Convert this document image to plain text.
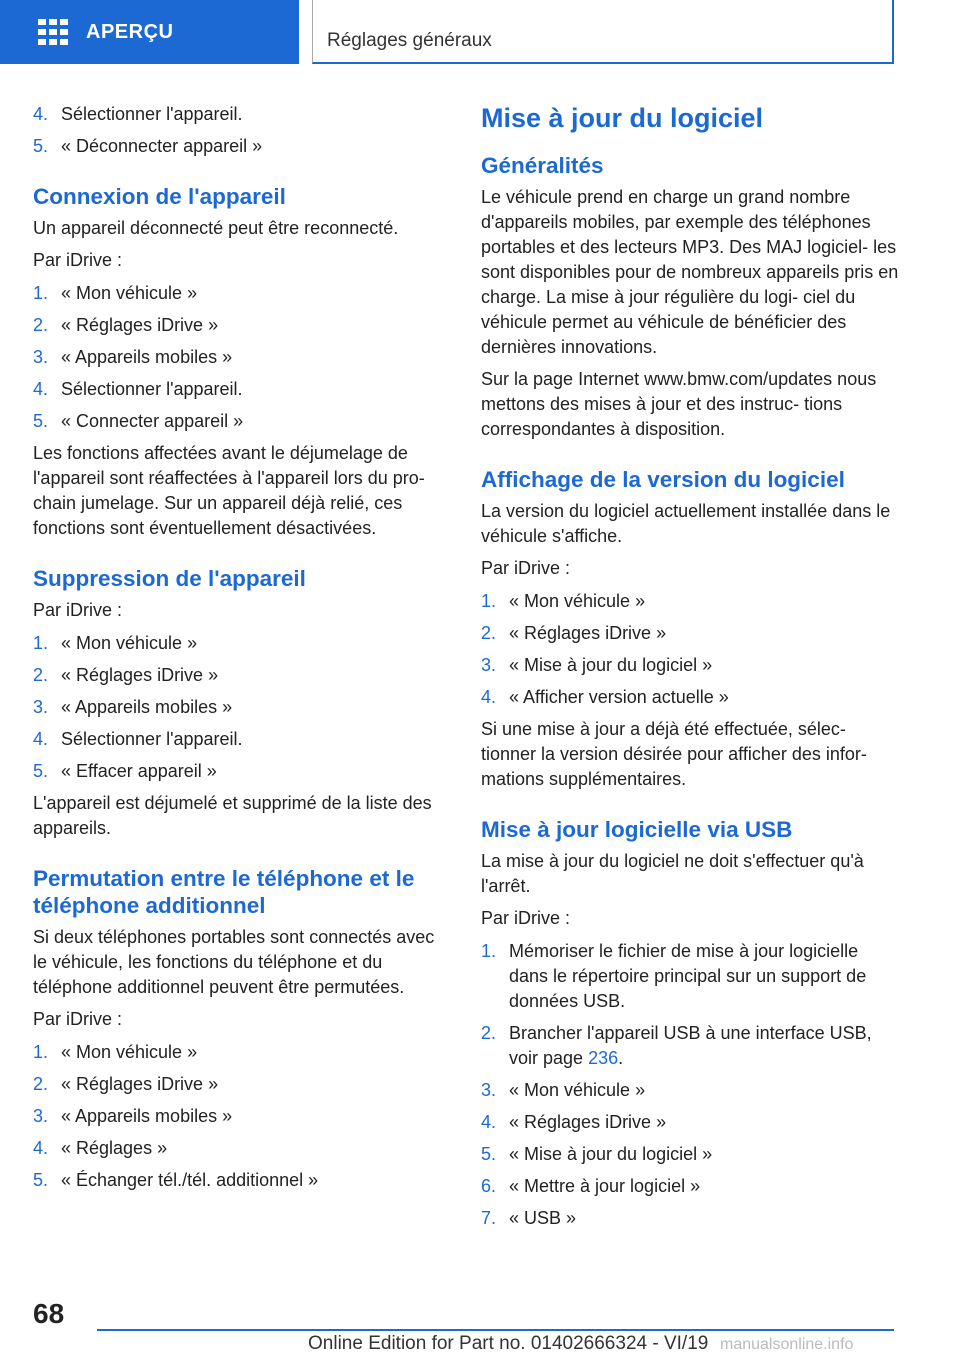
APERÇU	Réglages généraux
4. Sélectionner l'appareil.
5. « Déconnecter appareil »
Connexion de l'appareil

Un appareil déconnecté peut être reconnecté.

Par iDrive :

1. « Mon véhicule »
2. « Réglages iDrive »
3. « Appareils mobiles »
4. Sélectionner l'appareil.
5. « Connecter appareil »

Les fonctions affectées avant le déjumelage de l'appareil sont réaffectées à l'appareil lors du pro‐ chain jumelage. Sur un appareil déjà relié, ces fonctions sont éventuellement désactivées.

Suppression de l'appareil

Par iDrive :

1. « Mon véhicule »
2. « Réglages iDrive »
3. « Appareils mobiles »
4. Sélectionner l'appareil.
5. « Effacer appareil »

L'appareil est déjumelé et supprimé de la liste des appareils.

Permutation entre le téléphone et le téléphone additionnel

Si deux téléphones portables sont connectés avec le véhicule, les fonctions du téléphone et du téléphone additionnel peuvent être permutées.

Par iDrive :

1. « Mon véhicule »
2. « Réglages iDrive »
3. « Appareils mobiles »
4. « Réglages »
5. « Échanger tél./tél. additionnel »
Mise à jour du logiciel
Généralités

Le véhicule prend en charge un grand nombre d'appareils mobiles, par exemple des téléphones portables et des lecteurs MP3. Des MAJ logiciel‐ les sont disponibles pour de nombreux appareils pris en charge. La mise à jour régulière du logi‐ ciel du véhicule permet au véhicule de bénéficier des dernières innovations.

Sur la page Internet www.bmw.com/updates nous mettons des mises à jour et des instruc‐ tions correspondantes à disposition.

Affichage de la version du logiciel

La version du logiciel actuellement installée dans le véhicule s'affiche.

Par iDrive :

1. « Mon véhicule »
2. « Réglages iDrive »
3. « Mise à jour du logiciel »
4. « Afficher version actuelle »

Si une mise à jour a déjà été effectuée, sélec‐ tionner la version désirée pour afficher des infor‐ mations supplémentaires.

Mise à jour logicielle via USB

La mise à jour du logiciel ne doit s'effectuer qu'à l'arrêt.

Par iDrive :

1. Mémoriser le fichier de mise à jour logicielle dans le répertoire principal sur un support de données USB.
2. Brancher l'appareil USB à une interface USB, voir page 236.
3. « Mon véhicule »
4. « Réglages iDrive »
5. « Mise à jour du logiciel »
6. « Mettre à jour logiciel »
7. « USB »
68
Online Edition for Part no. 01402666324 - VI/19 manualsonline.info
